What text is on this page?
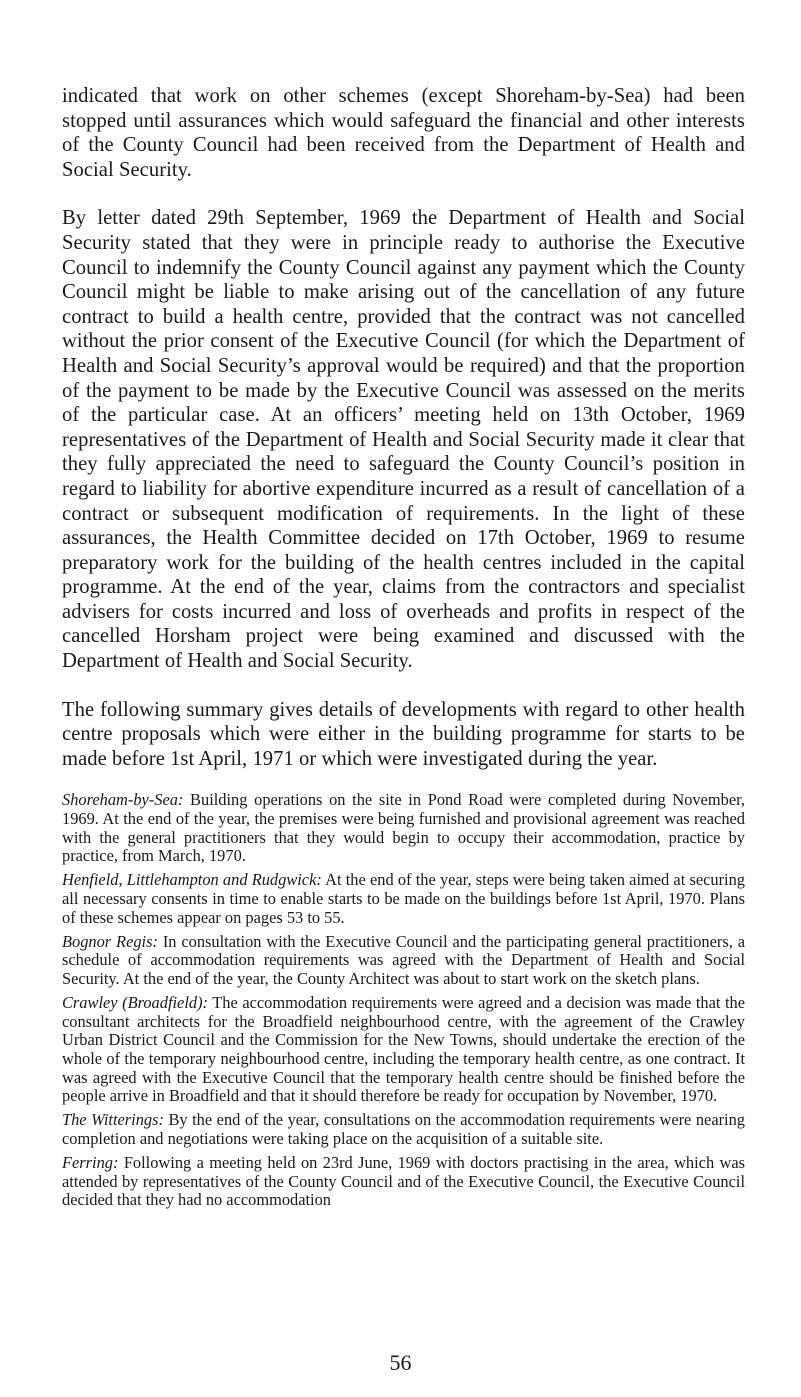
indicated that work on other schemes (except Shoreham-by-Sea) had been stopped until assurances which would safeguard the financial and other interests of the County Council had been received from the Department of Health and Social Security.

By letter dated 29th September, 1969 the Department of Health and Social Security stated that they were in principle ready to authorise the Executive Council to indemnify the County Council against any payment which the County Council might be liable to make arising out of the cancellation of any future contract to build a health centre, provided that the contract was not cancelled without the prior consent of the Executive Council (for which the Department of Health and Social Security’s approval would be required) and that the proportion of the payment to be made by the Executive Council was assessed on the merits of the particular case. At an officers’ meeting held on 13th October, 1969 representatives of the Department of Health and Social Security made it clear that they fully appreciated the need to safeguard the County Council’s position in regard to liability for abortive expenditure incurred as a result of cancellation of a contract or subsequent modification of requirements. In the light of these assurances, the Health Committee decided on 17th October, 1969 to resume preparatory work for the building of the health centres included in the capital programme. At the end of the year, claims from the contractors and specialist advisers for costs incurred and loss of overheads and profits in respect of the cancelled Horsham project were being examined and discussed with the Department of Health and Social Security.

The following summary gives details of developments with regard to other health centre proposals which were either in the building programme for starts to be made before 1st April, 1971 or which were investigated during the year.

Shoreham-by-Sea: Building operations on the site in Pond Road were completed during November, 1969. At the end of the year, the premises were being furnished and provisional agreement was reached with the general practitioners that they would begin to occupy their accommodation, practice by practice, from March, 1970.

Henfield, Littlehampton and Rudgwick: At the end of the year, steps were being taken aimed at securing all necessary consents in time to enable starts to be made on the buildings before 1st April, 1970. Plans of these schemes appear on pages 53 to 55.

Bognor Regis: In consultation with the Executive Council and the participating general practitioners, a schedule of accommodation requirements was agreed with the Department of Health and Social Security. At the end of the year, the County Architect was about to start work on the sketch plans.

Crawley (Broadfield): The accommodation requirements were agreed and a decision was made that the consultant architects for the Broadfield neighbourhood centre, with the agreement of the Crawley Urban District Council and the Commission for the New Towns, should undertake the erection of the whole of the temporary neighbourhood centre, including the temporary health centre, as one contract. It was agreed with the Executive Council that the temporary health centre should be finished before the people arrive in Broadfield and that it should therefore be ready for occupation by November, 1970.

The Witterings: By the end of the year, consultations on the accommodation requirements were nearing completion and negotiations were taking place on the acquisition of a suitable site.

Ferring: Following a meeting held on 23rd June, 1969 with doctors practising in the area, which was attended by representatives of the County Council and of the Executive Council, the Executive Council decided that they had no accommodation

56
